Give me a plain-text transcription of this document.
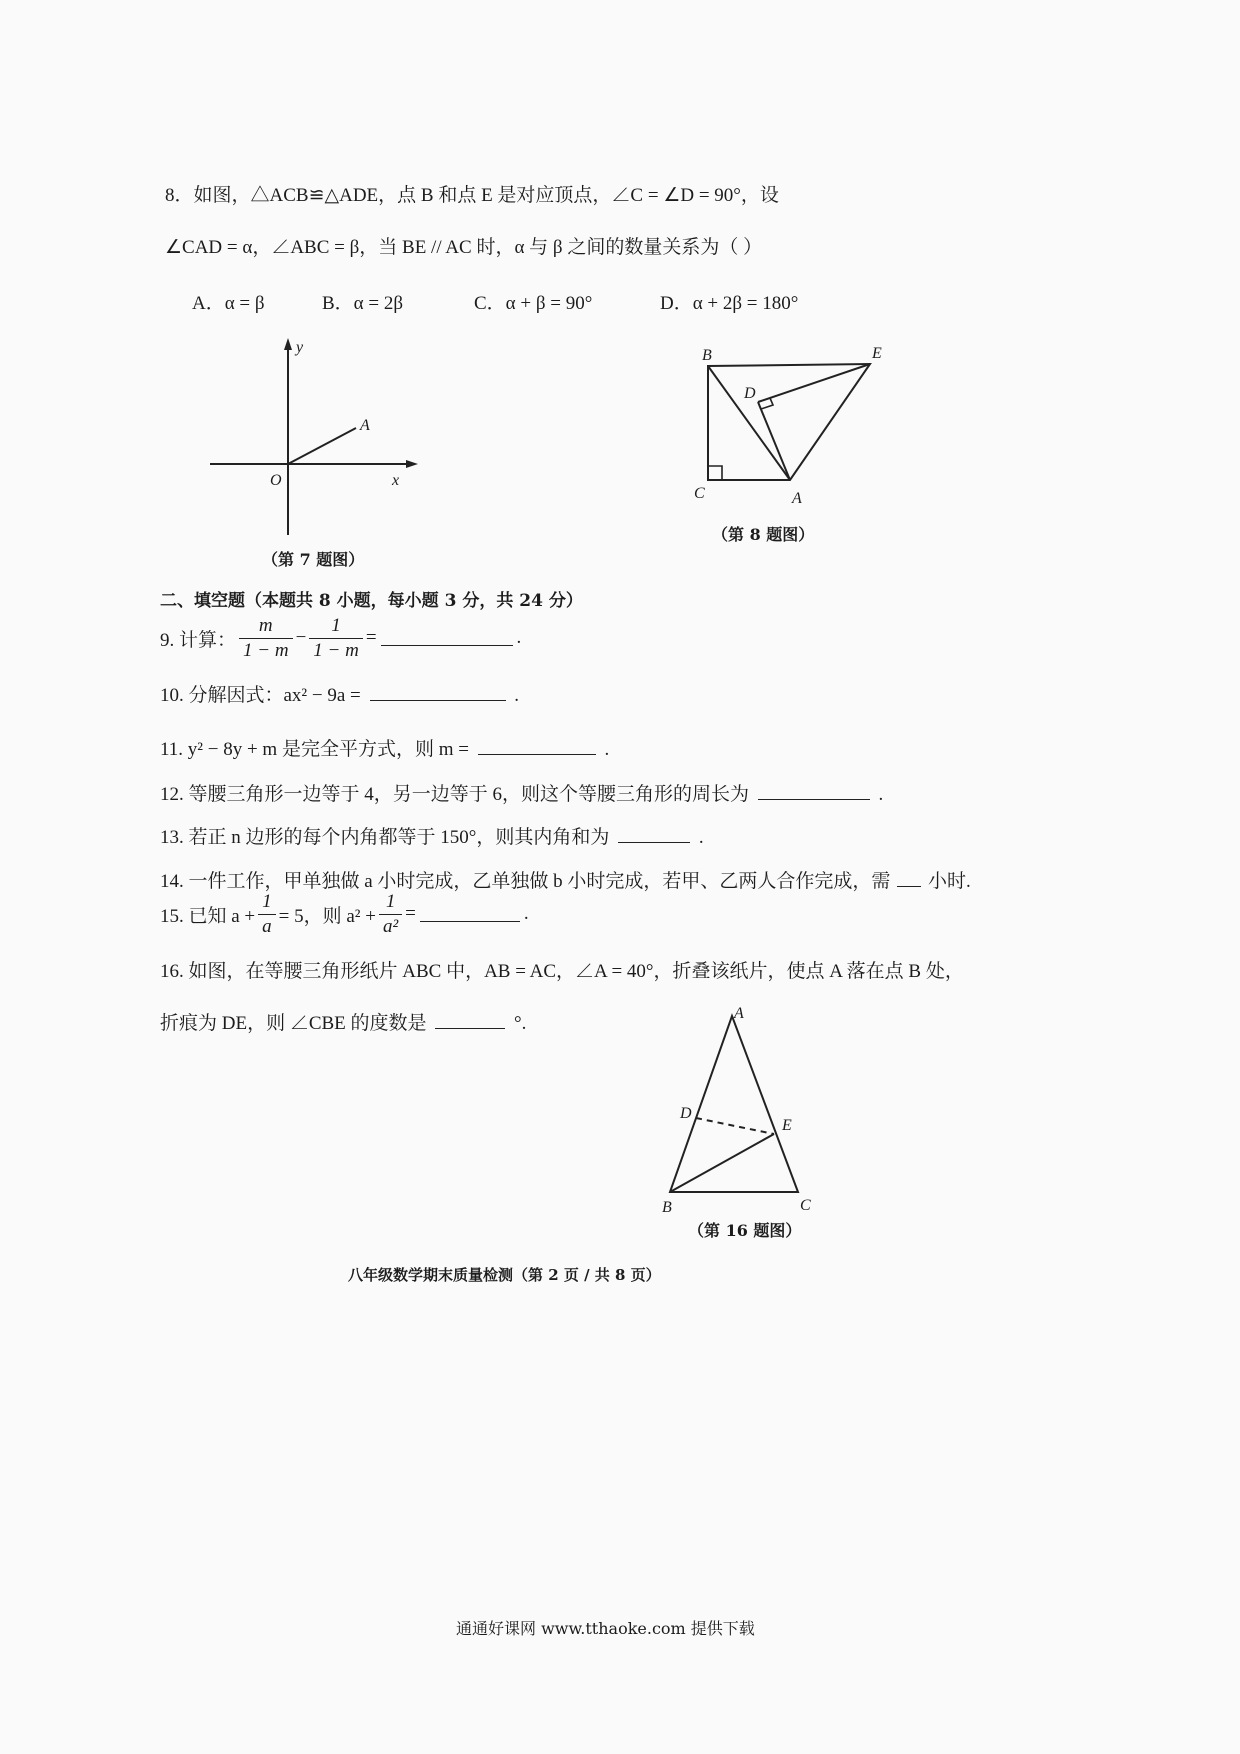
8．如图，△ACB≌△ADE，点 B 和点 E 是对应顶点，∠C = ∠D = 90°，设
∠CAD = α，∠ABC = β，当 BE // AC 时，α 与 β 之间的数量关系为（ ）
A．α = β	B．α = 2β	C．α + β = 90°	D．α + 2β = 180°
y
A
O	x
（第 7 题图）
B	E
D
C	A
（第 8 题图）
二、填空题（本题共 8 小题，每小题 3 分，共 24 分）
9. 计算： $\frac{m}{1 - m} - \frac{1}{1 - m}$ =	.
10. 分解因式：ax² − 9a =	.
11. y² − 8y + m 是完全平方式，则 m =	.
12. 等腰三角形一边等于 4，另一边等于 6，则这个等腰三角形的周长为	.
13. 若正 n 边形的每个内角都等于 150°，则其内角和为	.
14. 一件工作，甲单独做 a 小时完成，乙单独做 b 小时完成，若甲、乙两人合作完成，需 小时.
15. 已知 $a + \frac{1}{a} = 5$，则 $a^2 + \frac{1}{\text{a²}}$ =	.
16. 如图，在等腰三角形纸片 ABC 中，AB = AC，∠A = 40°，折叠该纸片，使点 A 落在点 B 处，
折痕为 DE，则 ∠CBE 的度数是	°.	A
D
E
B	C
（第 16 题图）
八年级数学期末质量检测（第 2 页 / 共 8 页）
通通好课网 www.tthaoke.com 提供下载
